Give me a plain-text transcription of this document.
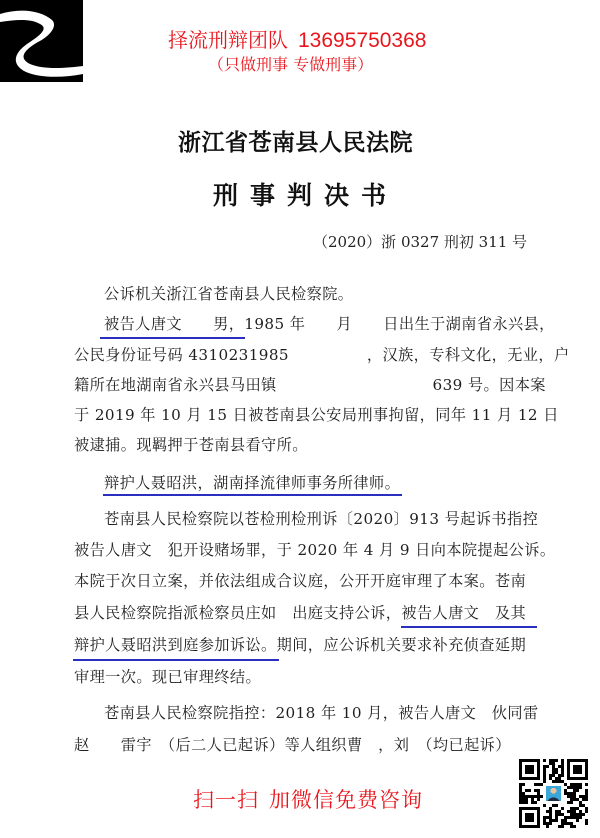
择流刑辩团队 13695750368
（只做刑事 专做刑事）
浙江省苍南县人民法院
刑事判决书
（2020）浙 0327 刑初 311 号
公诉机关浙江省苍南县人民检察院。
被告人唐文　　男，1985 年　　月　　日出生于湖南省永兴县，
公民身份证号码 4310231985　　　　　，汉族，专科文化，无业，户
籍所在地湖南省永兴县马田镇　　　　　　　　　　639 号。因本案
于 2019 年 10 月 15 日被苍南县公安局刑事拘留，同年 11 月 12 日
被逮捕。现羁押于苍南县看守所。
辩护人聂昭洪，湖南择流律师事务所律师。
苍南县人民检察院以苍检刑检刑诉〔2020〕913 号起诉书指控
被告人唐文　犯开设赌场罪，于 2020 年 4 月 9 日向本院提起公诉。
本院于次日立案，并依法组成合议庭，公开开庭审理了本案。苍南
县人民检察院指派检察员庄如　出庭支持公诉，被告人唐文　及其
辩护人聂昭洪到庭参加诉讼。期间，应公诉机关要求补充侦查延期
审理一次。现已审理终结。
苍南县人民检察院指控：2018 年 10 月，被告人唐文　伙同雷
赵　　雷宇　（后二人已起诉）等人组织曹　，刘　（均已起诉）
扫一扫 加微信免费咨询
